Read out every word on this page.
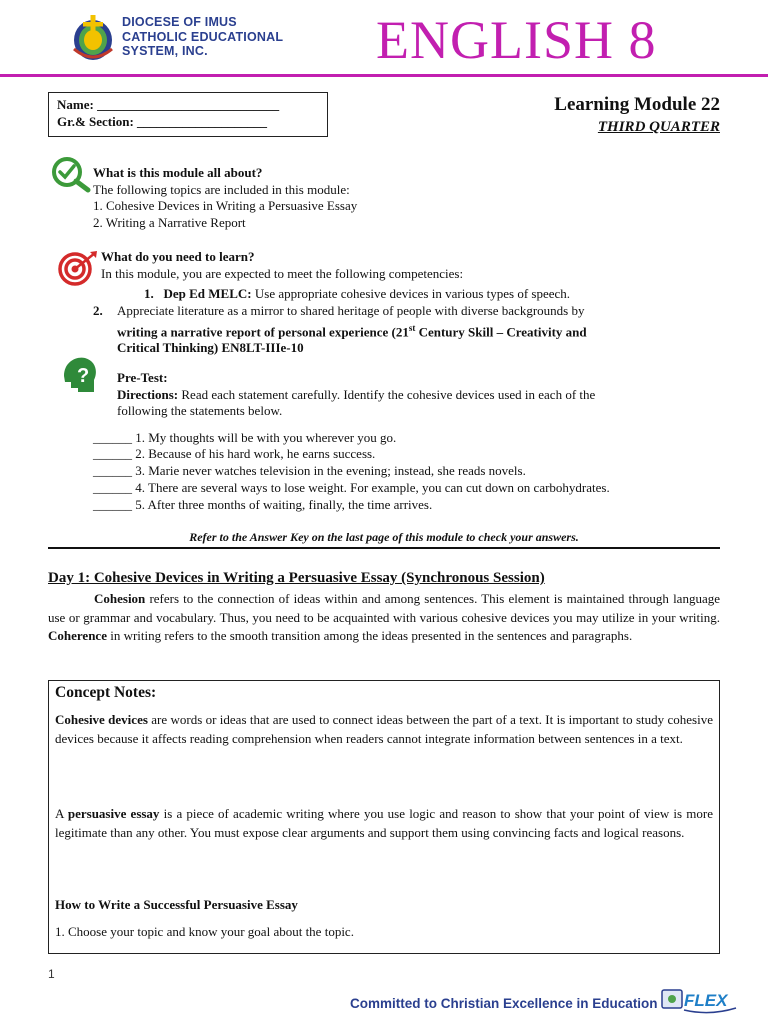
DIOCESE OF IMUS
CATHOLIC EDUCATIONAL
SYSTEM, INC.	ENGLISH 8
Name: ____________________________
Gr.& Section: ____________________
Learning Module 22
THIRD QUARTER
What is this module all about?
The following topics are included in this module:
1. Cohesive Devices in Writing a Persuasive Essay
2. Writing a Narrative Report
What do you need to learn?
In this module, you are expected to meet the following competencies:
1. Dep Ed MELC: Use appropriate cohesive devices in various types of speech.
2. Appreciate literature as a mirror to shared heritage of people with diverse backgrounds by
writing a narrative report of personal experience (21st Century Skill – Creativity and
Critical Thinking) EN8LT-IIIe-10
? Pre-Test:
Directions: Read each statement carefully. Identify the cohesive devices used in each of the
following the statements below.
______ 1. My thoughts will be with you wherever you go.
______ 2. Because of his hard work, he earns success.
______ 3. Marie never watches television in the evening; instead, she reads novels.
______ 4. There are several ways to lose weight. For example, you can cut down on carbohydrates.
______ 5. After three months of waiting, finally, the time arrives.
Refer to the Answer Key on the last page of this module to check your answers.
Day 1: Cohesive Devices in Writing a Persuasive Essay (Synchronous Session)
Cohesion refers to the connection of ideas within and among sentences. This element is maintained through language use or grammar and vocabulary. Thus, you need to be acquainted with various cohesive devices you may utilize in your writing. Coherence in writing refers to the smooth transition among the ideas presented in the sentences and paragraphs.
Concept Notes:
Cohesive devices are words or ideas that are used to connect ideas between the part of a text. It is important to study cohesive devices because it affects reading comprehension when readers cannot integrate information between sentences in a text.
A persuasive essay is a piece of academic writing where you use logic and reason to show that your point of view is more legitimate than any other. You must expose clear arguments and support them using convincing facts and logical reasons.
How to Write a Successful Persuasive Essay
1. Choose your topic and know your goal about the topic.
1
Committed to Christian Excellence in Education FLEX
